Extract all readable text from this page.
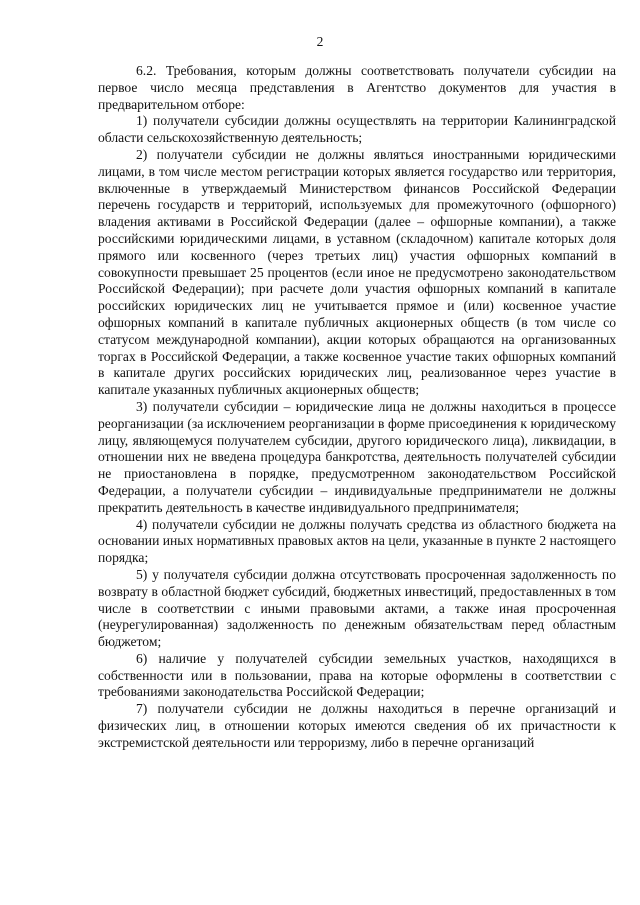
2

6.2. Требования, которым должны соответствовать получатели субсидии на первое число месяца представления в Агентство документов для участия в предварительном отборе:

1) получатели субсидии должны осуществлять на территории Калининградской области сельскохозяйственную деятельность;

2) получатели субсидии не должны являться иностранными юридическими лицами, в том числе местом регистрации которых является государство или территория, включенные в утверждаемый Министерством финансов Российской Федерации перечень государств и территорий, используемых для промежуточного (офшорного) владения активами в Российской Федерации (далее – офшорные компании), а также российскими юридическими лицами, в уставном (складочном) капитале которых доля прямого или косвенного (через третьих лиц) участия офшорных компаний в совокупности превышает 25 процентов (если иное не предусмотрено законодательством Российской Федерации); при расчете доли участия офшорных компаний в капитале российских юридических лиц не учитывается прямое и (или) косвенное участие офшорных компаний в капитале публичных акционерных обществ (в том числе со статусом международной компании), акции которых обращаются на организованных торгах в Российской Федерации, а также косвенное участие таких офшорных компаний в капитале других российских юридических лиц, реализованное через участие в капитале указанных публичных акционерных обществ;

3) получатели субсидии – юридические лица не должны находиться в процессе реорганизации (за исключением реорганизации в форме присоединения к юридическому лицу, являющемуся получателем субсидии, другого юридического лица), ликвидации, в отношении них не введена процедура банкротства, деятельность получателей субсидии не приостановлена в порядке, предусмотренном законодательством Российской Федерации, а получатели субсидии – индивидуальные предприниматели не должны прекратить деятельность в качестве индивидуального предпринимателя;

4) получатели субсидии не должны получать средства из областного бюджета на основании иных нормативных правовых актов на цели, указанные в пункте 2 настоящего порядка;

5) у получателя субсидии должна отсутствовать просроченная задолженность по возврату в областной бюджет субсидий, бюджетных инвестиций, предоставленных в том числе в соответствии с иными правовыми актами, а также иная просроченная (неурегулированная) задолженность по денежным обязательствам перед областным бюджетом;

6) наличие у получателей субсидии земельных участков, находящихся в собственности или в пользовании, права на которые оформлены в соответствии с требованиями законодательства Российской Федерации;

7) получатели субсидии не должны находиться в перечне организаций и физических лиц, в отношении которых имеются сведения об их причастности к экстремистской деятельности или терроризму, либо в перечне организаций
